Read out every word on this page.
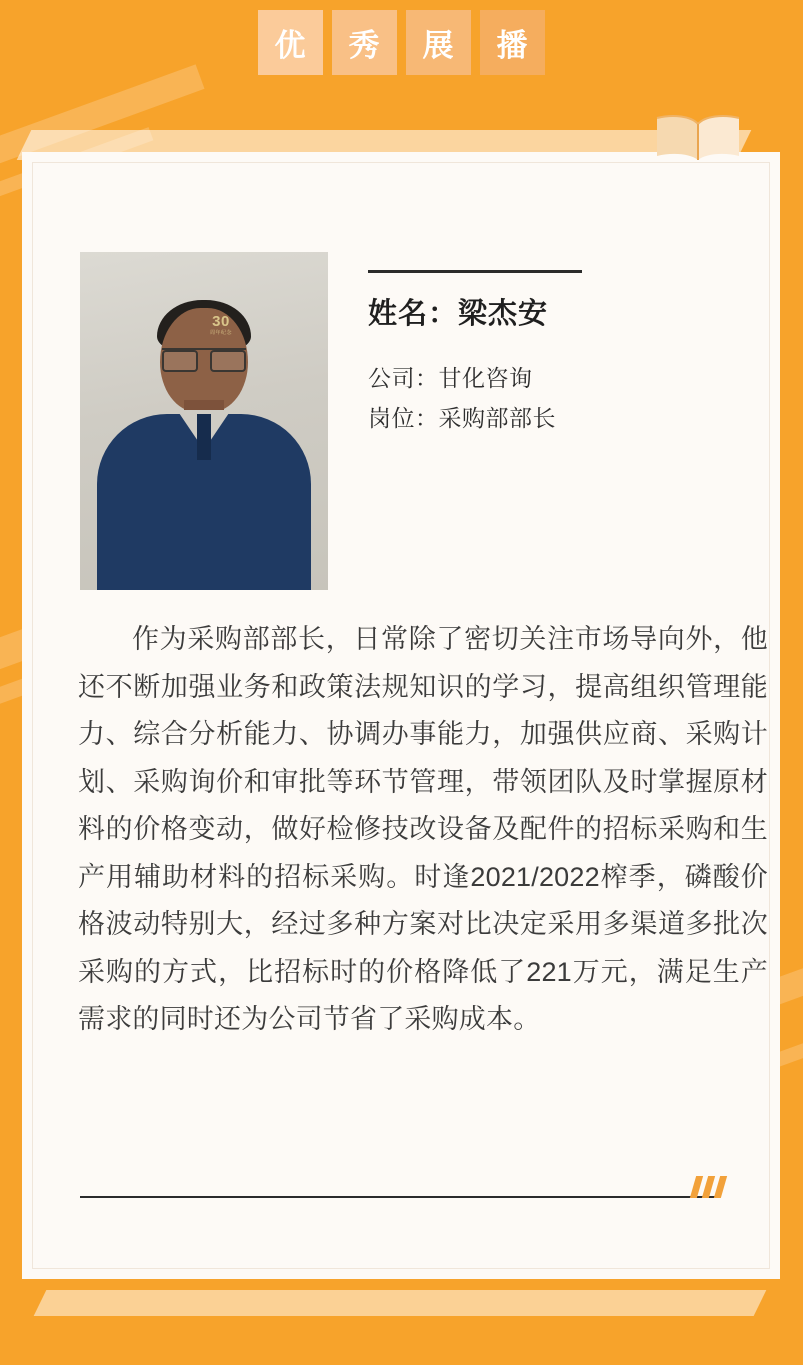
优	秀	展	播
30
周年纪念
姓名：梁杰安
公司：甘化咨询
岗位：采购部部长
作为采购部部长，日常除了密切关注市场导向外，他还不断加强业务和政策法规知识的学习，提高组织管理能力、综合分析能力、协调办事能力，加强供应商、采购计划、采购询价和审批等环节管理，带领团队及时掌握原材料的价格变动，做好检修技改设备及配件的招标采购和生产用辅助材料的招标采购。时逢2021/2022榨季，磷酸价格波动特别大，经过多种方案对比决定采用多渠道多批次采购的方式，比招标时的价格降低了221万元，满足生产需求的同时还为公司节省了采购成本。
